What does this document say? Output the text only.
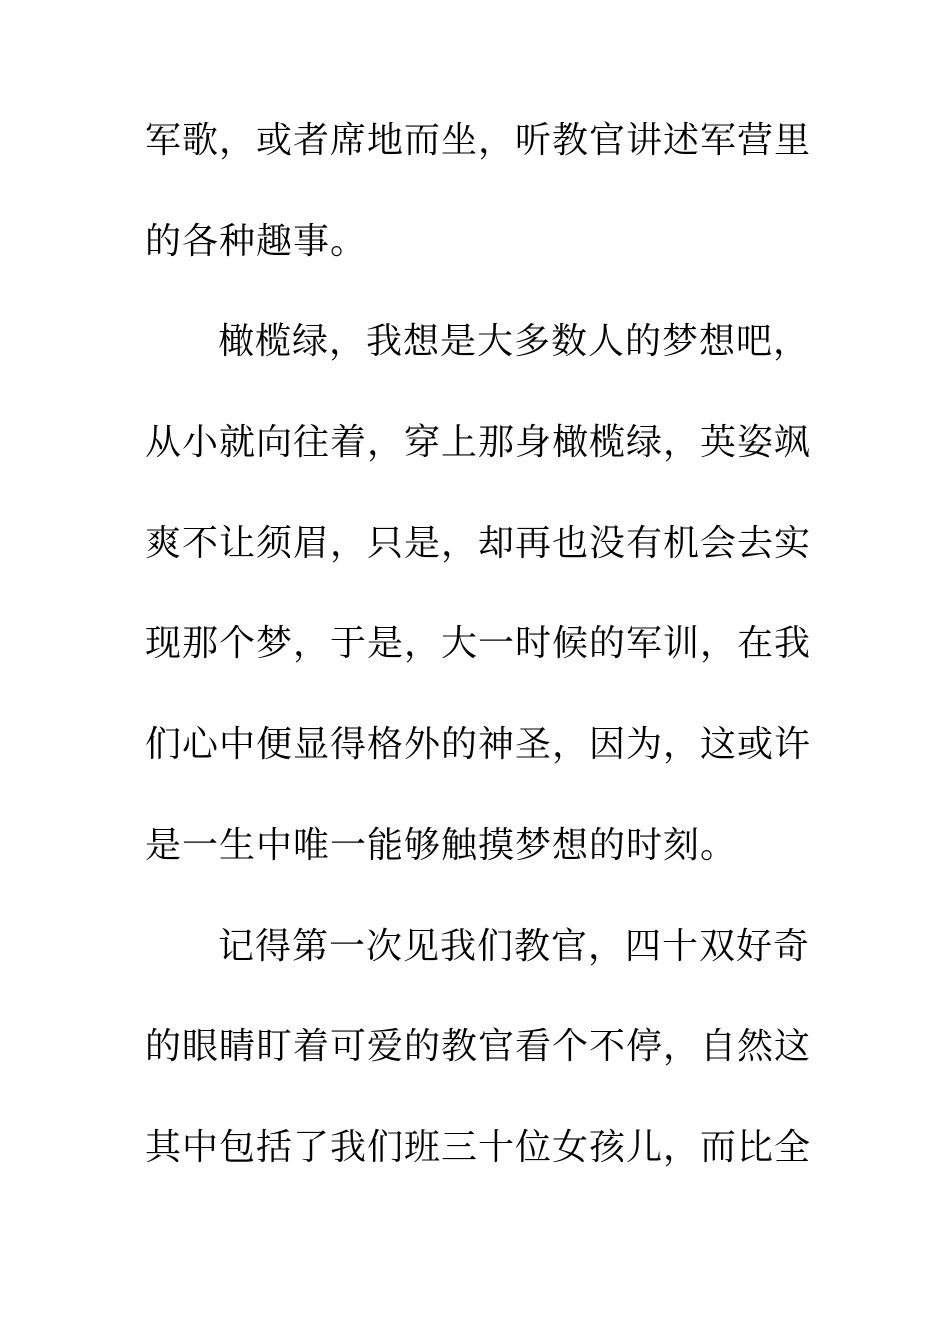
军歌，或者席地而坐，听教官讲述军营里
的各种趣事。
橄榄绿，我想是大多数人的梦想吧，
从小就向往着，穿上那身橄榄绿，英姿飒
爽不让须眉，只是，却再也没有机会去实
现那个梦，于是，大一时候的军训，在我
们心中便显得格外的神圣，因为，这或许
是一生中唯一能够触摸梦想的时刻。
记得第一次见我们教官，四十双好奇
的眼睛盯着可爱的教官看个不停，自然这
其中包括了我们班三十位女孩儿，而比全
